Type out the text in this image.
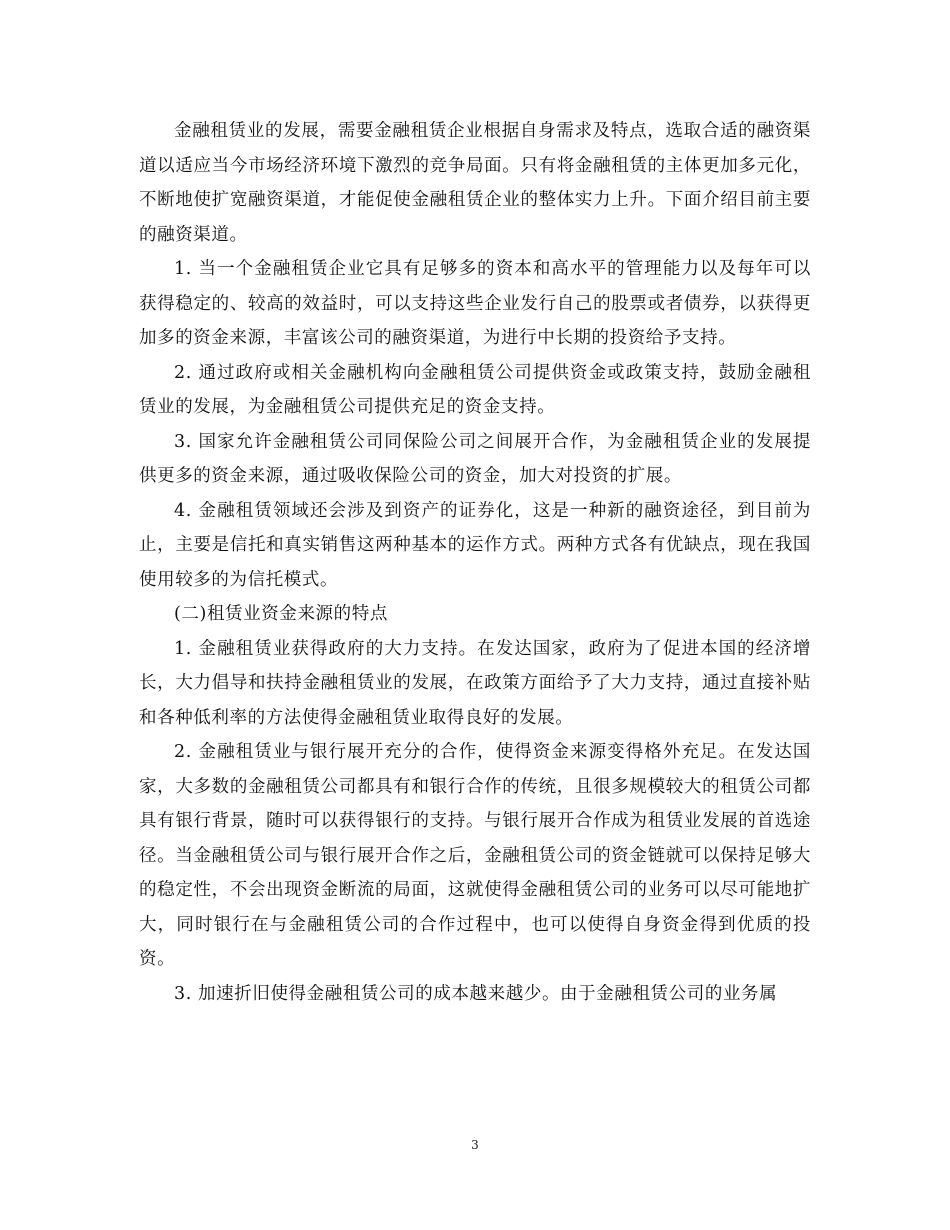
金融租赁业的发展，需要金融租赁企业根据自身需求及特点，选取合适的融资渠道以适应当今市场经济环境下激烈的竞争局面。只有将金融租赁的主体更加多元化，不断地使扩宽融资渠道，才能促使金融租赁企业的整体实力上升。下面介绍目前主要的融资渠道。

1. 当一个金融租赁企业它具有足够多的资本和高水平的管理能力以及每年可以获得稳定的、较高的效益时，可以支持这些企业发行自己的股票或者债券，以获得更加多的资金来源，丰富该公司的融资渠道，为进行中长期的投资给予支持。

2. 通过政府或相关金融机构向金融租赁公司提供资金或政策支持，鼓励金融租赁业的发展，为金融租赁公司提供充足的资金支持。

3. 国家允许金融租赁公司同保险公司之间展开合作，为金融租赁企业的发展提供更多的资金来源，通过吸收保险公司的资金，加大对投资的扩展。

4. 金融租赁领域还会涉及到资产的证券化，这是一种新的融资途径，到目前为止，主要是信托和真实销售这两种基本的运作方式。两种方式各有优缺点，现在我国使用较多的为信托模式。

(二)租赁业资金来源的特点

1. 金融租赁业获得政府的大力支持。在发达国家，政府为了促进本国的经济增长，大力倡导和扶持金融租赁业的发展，在政策方面给予了大力支持，通过直接补贴和各种低利率的方法使得金融租赁业取得良好的发展。

2. 金融租赁业与银行展开充分的合作，使得资金来源变得格外充足。在发达国家，大多数的金融租赁公司都具有和银行合作的传统，且很多规模较大的租赁公司都具有银行背景，随时可以获得银行的支持。与银行展开合作成为租赁业发展的首选途径。当金融租赁公司与银行展开合作之后，金融租赁公司的资金链就可以保持足够大的稳定性，不会出现资金断流的局面，这就使得金融租赁公司的业务可以尽可能地扩大，同时银行在与金融租赁公司的合作过程中，也可以使得自身资金得到优质的投资。

3. 加速折旧使得金融租赁公司的成本越来越少。由于金融租赁公司的业务属

3
